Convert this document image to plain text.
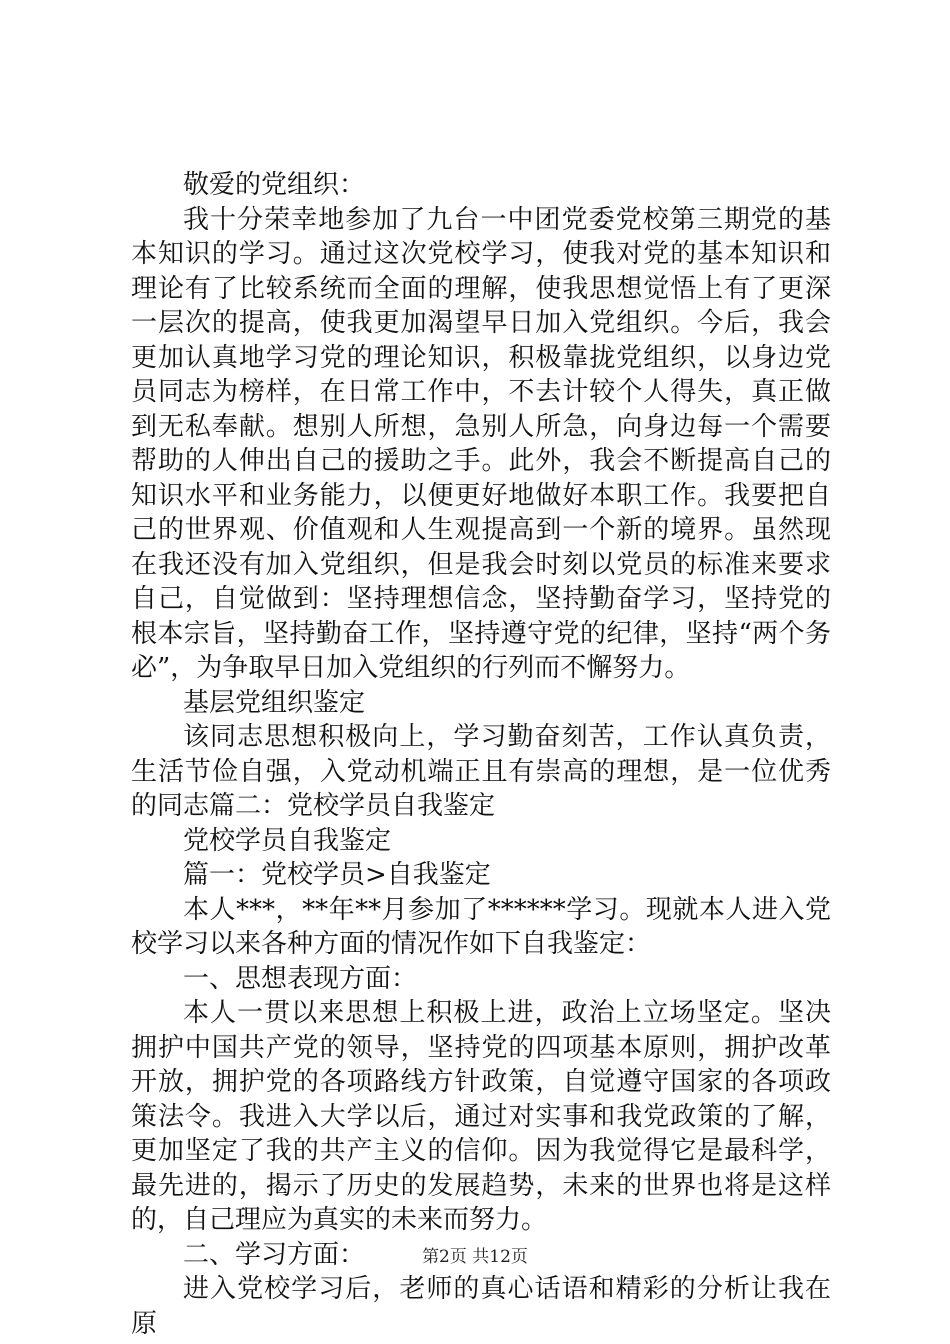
敬爱的党组织：

我十分荣幸地参加了九台一中团党委党校第三期党的基本知识的学习。通过这次党校学习，使我对党的基本知识和理论有了比较系统而全面的理解，使我思想觉悟上有了更深一层次的提高，使我更加渴望早日加入党组织。今后，我会更加认真地学习党的理论知识，积极靠拢党组织，以身边党员同志为榜样，在日常工作中，不去计较个人得失，真正做到无私奉献。想别人所想，急别人所急，向身边每一个需要帮助的人伸出自己的援助之手。此外，我会不断提高自己的知识水平和业务能力，以便更好地做好本职工作。我要把自己的世界观、价值观和人生观提高到一个新的境界。虽然现在我还没有加入党组织，但是我会时刻以党员的标准来要求自己，自觉做到：坚持理想信念，坚持勤奋学习，坚持党的根本宗旨，坚持勤奋工作，坚持遵守党的纪律，坚持“两个务必”，为争取早日加入党组织的行列而不懈努力。

基层党组织鉴定

该同志思想积极向上，学习勤奋刻苦，工作认真负责，生活节俭自强，入党动机端正且有崇高的理想，是一位优秀的同志篇二：党校学员自我鉴定

党校学员自我鉴定

篇一：党校学员>自我鉴定

本人***，**年**月参加了******学习。现就本人进入党校学习以来各种方面的情况作如下自我鉴定：

一、思想表现方面：

本人一贯以来思想上积极上进，政治上立场坚定。坚决拥护中国共产党的领导，坚持党的四项基本原则，拥护改革开放，拥护党的各项路线方针政策，自觉遵守国家的各项政策法令。我进入大学以后，通过对实事和我党政策的了解，更加坚定了我的共产主义的信仰。因为我觉得它是最科学，最先进的，揭示了历史的发展趋势，未来的世界也将是这样的，自己理应为真实的未来而努力。

二、学习方面：

进入党校学习后，老师的真心话语和精彩的分析让我在原

第2页 共12页
